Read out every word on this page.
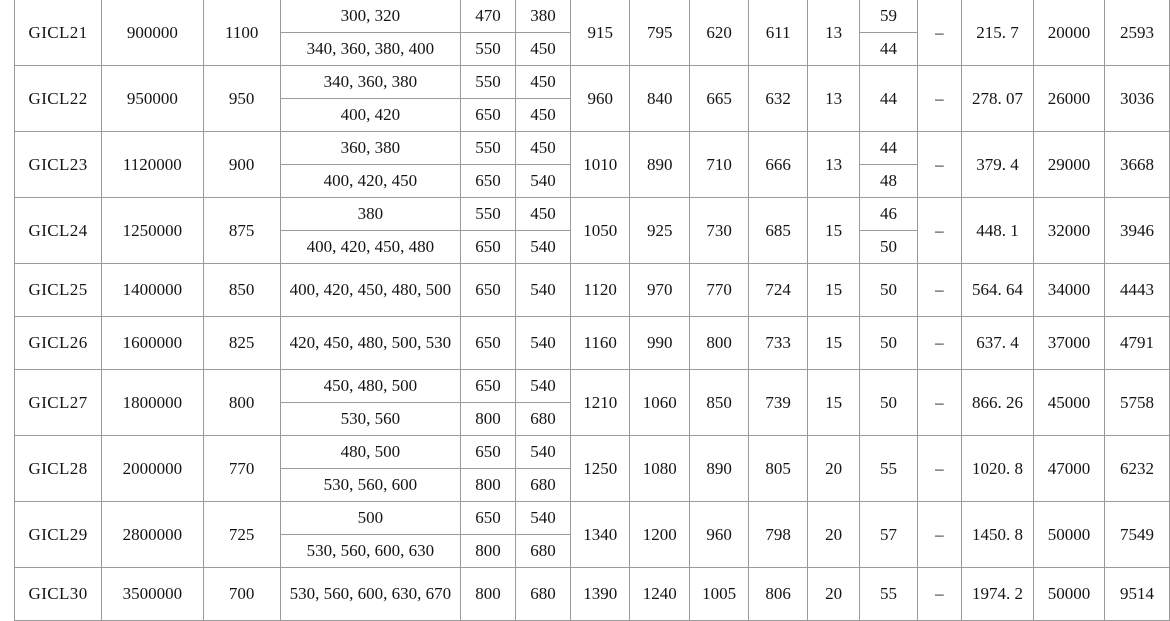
GICL21	900000	1100	300, 320	470	380	915	795	620	611	13	59	–	215. 7	20000	2593
			340, 360, 380, 400	550	450						44				
GICL22	950000	950	340, 360, 380	550	450	960	840	665	632	13	44	–	278. 07	26000	3036
			400, 420	650	450										
GICL23	1120000	900	360, 380	550	450	1010	890	710	666	13	44	–	379. 4	29000	3668
			400, 420, 450	650	540						48				
GICL24	1250000	875	380	550	450	1050	925	730	685	15	46	–	448. 1	32000	3946
			400, 420, 450, 480	650	540						50				
GICL25	1400000	850	400, 420, 450, 480, 500	650	540	1120	970	770	724	15	50	–	564. 64	34000	4443
GICL26	1600000	825	420, 450, 480, 500, 530	650	540	1160	990	800	733	15	50	–	637. 4	37000	4791
GICL27	1800000	800	450, 480, 500	650	540	1210	1060	850	739	15	50	–	866. 26	45000	5758
			530, 560	800	680										
GICL28	2000000	770	480, 500	650	540	1250	1080	890	805	20	55	–	1020. 8	47000	6232
			530, 560, 600	800	680										
GICL29	2800000	725	500	650	540	1340	1200	960	798	20	57	–	1450. 8	50000	7549
			530, 560, 600, 630	800	680										
GICL30	3500000	700	530, 560, 600, 630, 670	800	680	1390	1240	1005	806	20	55	–	1974. 2	50000	9514
